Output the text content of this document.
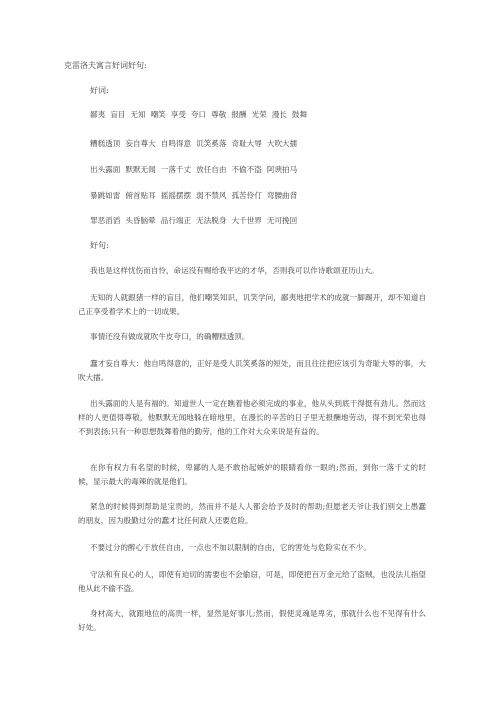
克雷洛夫寓言好词好句:
好词:
鄙夷 盲目 无知 嘲笑 享受 夸口 尊敬 报酬 光荣 漫长 鼓舞
糟糕透顶 妄自尊大 自鸣得意 讥笑奚落 奇耻大辱 大吹大擂
出头露面 默默无闻 一落千丈 放任自由 不偷不盗 阿谀拍马
暴跳如雷 俯首贴耳 摇摇摆摆 弱不禁风 孤苦伶仃 弯腰曲背
罪恶滔滔 头昏脑晕 品行端正 无法脱身 大千世界 无可挽回
好句:
我也是这样忧伤而自怜，命运没有赐给我平达的才华，否则我可以作诗歌颂亚历山大。
无知的人就跟猪一样的盲目，他们嘲笑知识，讥笑学问，鄙夷地把学术的成就一脚踢开，却不知道自己正享受着学术上的一切成果。
事情还没有做成就吹牛皮夸口，的确糟糕透顶。
蠢才妄自尊大：他自鸣得意的，正好是受人讥笑奚落的短处，而且往往把应该引为奇耻大辱的事，大吹大擂。
出头露面的人是有福的。知道世人一定在瞧着他必须完成的事业，他从头到底干得挺有劲儿。然而这样的人更值得尊敬，他默默无闻地躲在暗地里，在漫长的辛苦的日子里无报酬地劳动，得不到光荣也得不到表扬;只有一种思想鼓舞着他的勤劳，他的工作对大众来说是有益的。
在你有权力有名望的时候，卑鄙的人是不敢抬起嫉妒的眼睛看你一眼的;然而，到你一落千丈的时候，显示最大的毒辣的就是他们。
紧急的时候得到帮助是宝贵的，然而并不是人人都会给予及时的帮助;但愿老天爷让我们别交上愚蠢的朋友，因为殷勤过分的蠢才比任何敌人还要危险。
不要过分的醉心于放任自由，一点也不加以限制的自由，它的害处与危险实在不少。
守法和有良心的人，即使有迫切的需要也不会偷窃，可是，即使把百万金元给了盗贼，也没法儿指望他从此不偷不盗。
身材高大，就跟地位的高贵一样，显然是好事儿;然而，假使灵魂是卑劣，那就什么也不见得有什么好处。
